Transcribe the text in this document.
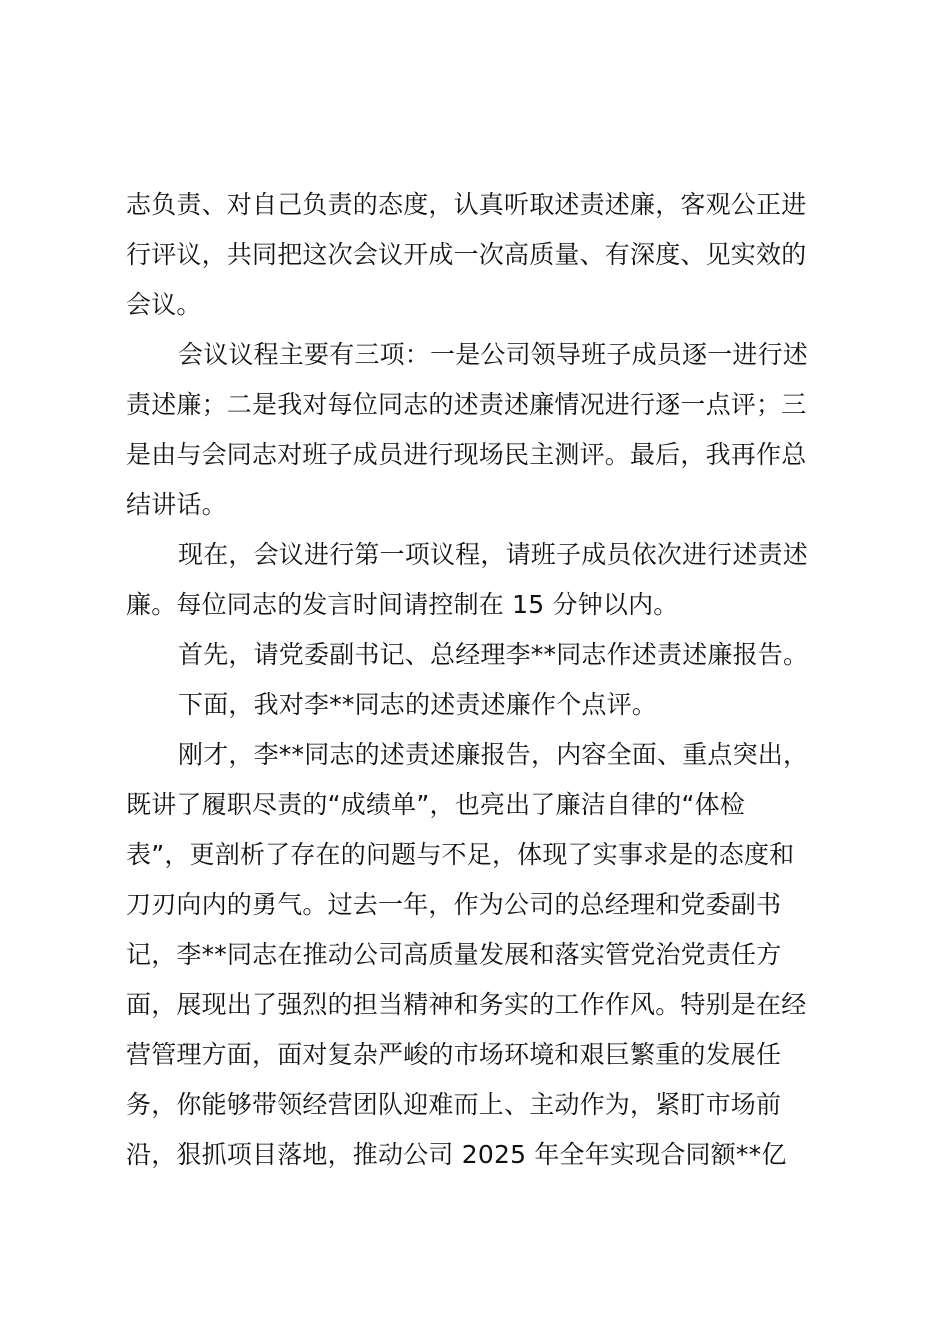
志负责、对自己负责的态度，认真听取述责述廉，客观公正进
行评议，共同把这次会议开成一次高质量、有深度、见实效的
会议。
会议议程主要有三项：一是公司领导班子成员逐一进行述
责述廉；二是我对每位同志的述责述廉情况进行逐一点评；三
是由与会同志对班子成员进行现场民主测评。最后，我再作总
结讲话。
现在，会议进行第一项议程，请班子成员依次进行述责述
廉。每位同志的发言时间请控制在 15 分钟以内。
首先，请党委副书记、总经理李**同志作述责述廉报告。
下面，我对李**同志的述责述廉作个点评。
刚才，李**同志的述责述廉报告，内容全面、重点突出，
既讲了履职尽责的“成绩单”，也亮出了廉洁自律的“体检
表”，更剖析了存在的问题与不足，体现了实事求是的态度和
刀刃向内的勇气。过去一年，作为公司的总经理和党委副书
记，李**同志在推动公司高质量发展和落实管党治党责任方
面，展现出了强烈的担当精神和务实的工作作风。特别是在经
营管理方面，面对复杂严峻的市场环境和艰巨繁重的发展任
务，你能够带领经营团队迎难而上、主动作为，紧盯市场前
沿，狠抓项目落地，推动公司 2025 年全年实现合同额**亿
